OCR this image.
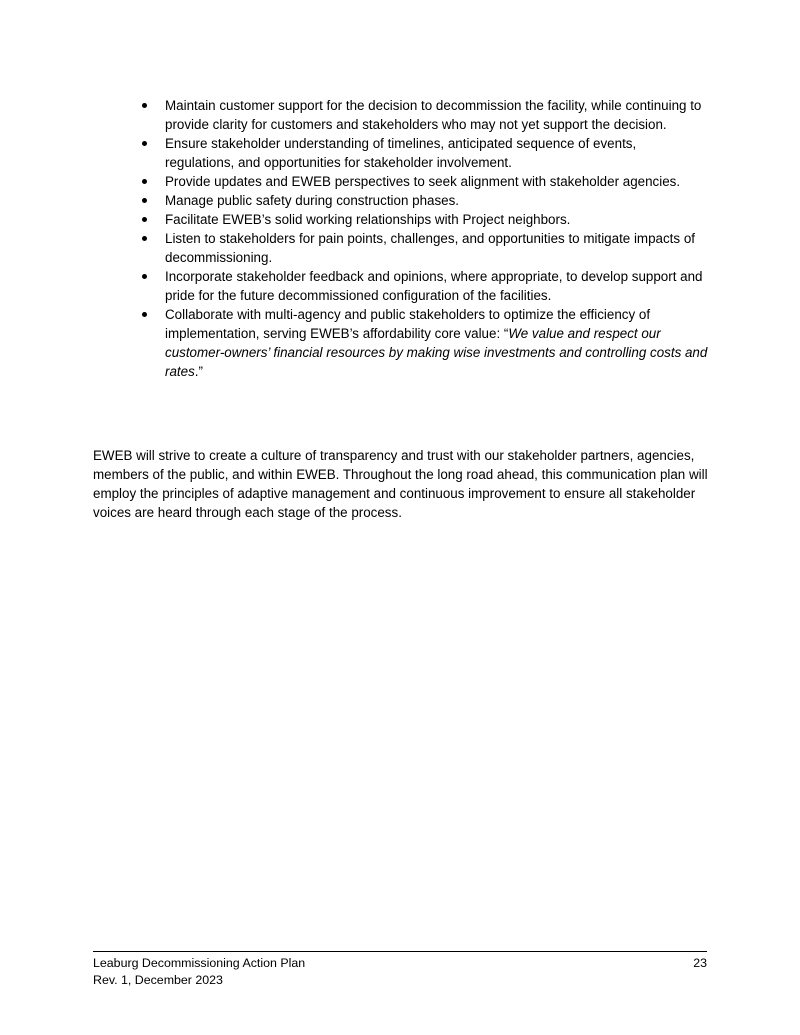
Maintain customer support for the decision to decommission the facility, while continuing to provide clarity for customers and stakeholders who may not yet support the decision.
Ensure stakeholder understanding of timelines, anticipated sequence of events, regulations, and opportunities for stakeholder involvement.
Provide updates and EWEB perspectives to seek alignment with stakeholder agencies.
Manage public safety during construction phases.
Facilitate EWEB’s solid working relationships with Project neighbors.
Listen to stakeholders for pain points, challenges, and opportunities to mitigate impacts of decommissioning.
Incorporate stakeholder feedback and opinions, where appropriate, to develop support and pride for the future decommissioned configuration of the facilities.
Collaborate with multi-agency and public stakeholders to optimize the efficiency of implementation, serving EWEB’s affordability core value: “We value and respect our customer-owners’ financial resources by making wise investments and controlling costs and rates.”

EWEB will strive to create a culture of transparency and trust with our stakeholder partners, agencies, members of the public, and within EWEB. Throughout the long road ahead, this communication plan will employ the principles of adaptive management and continuous improvement to ensure all stakeholder voices are heard through each stage of the process.

Leaburg Decommissioning Action Plan	23
Rev. 1, December 2023
